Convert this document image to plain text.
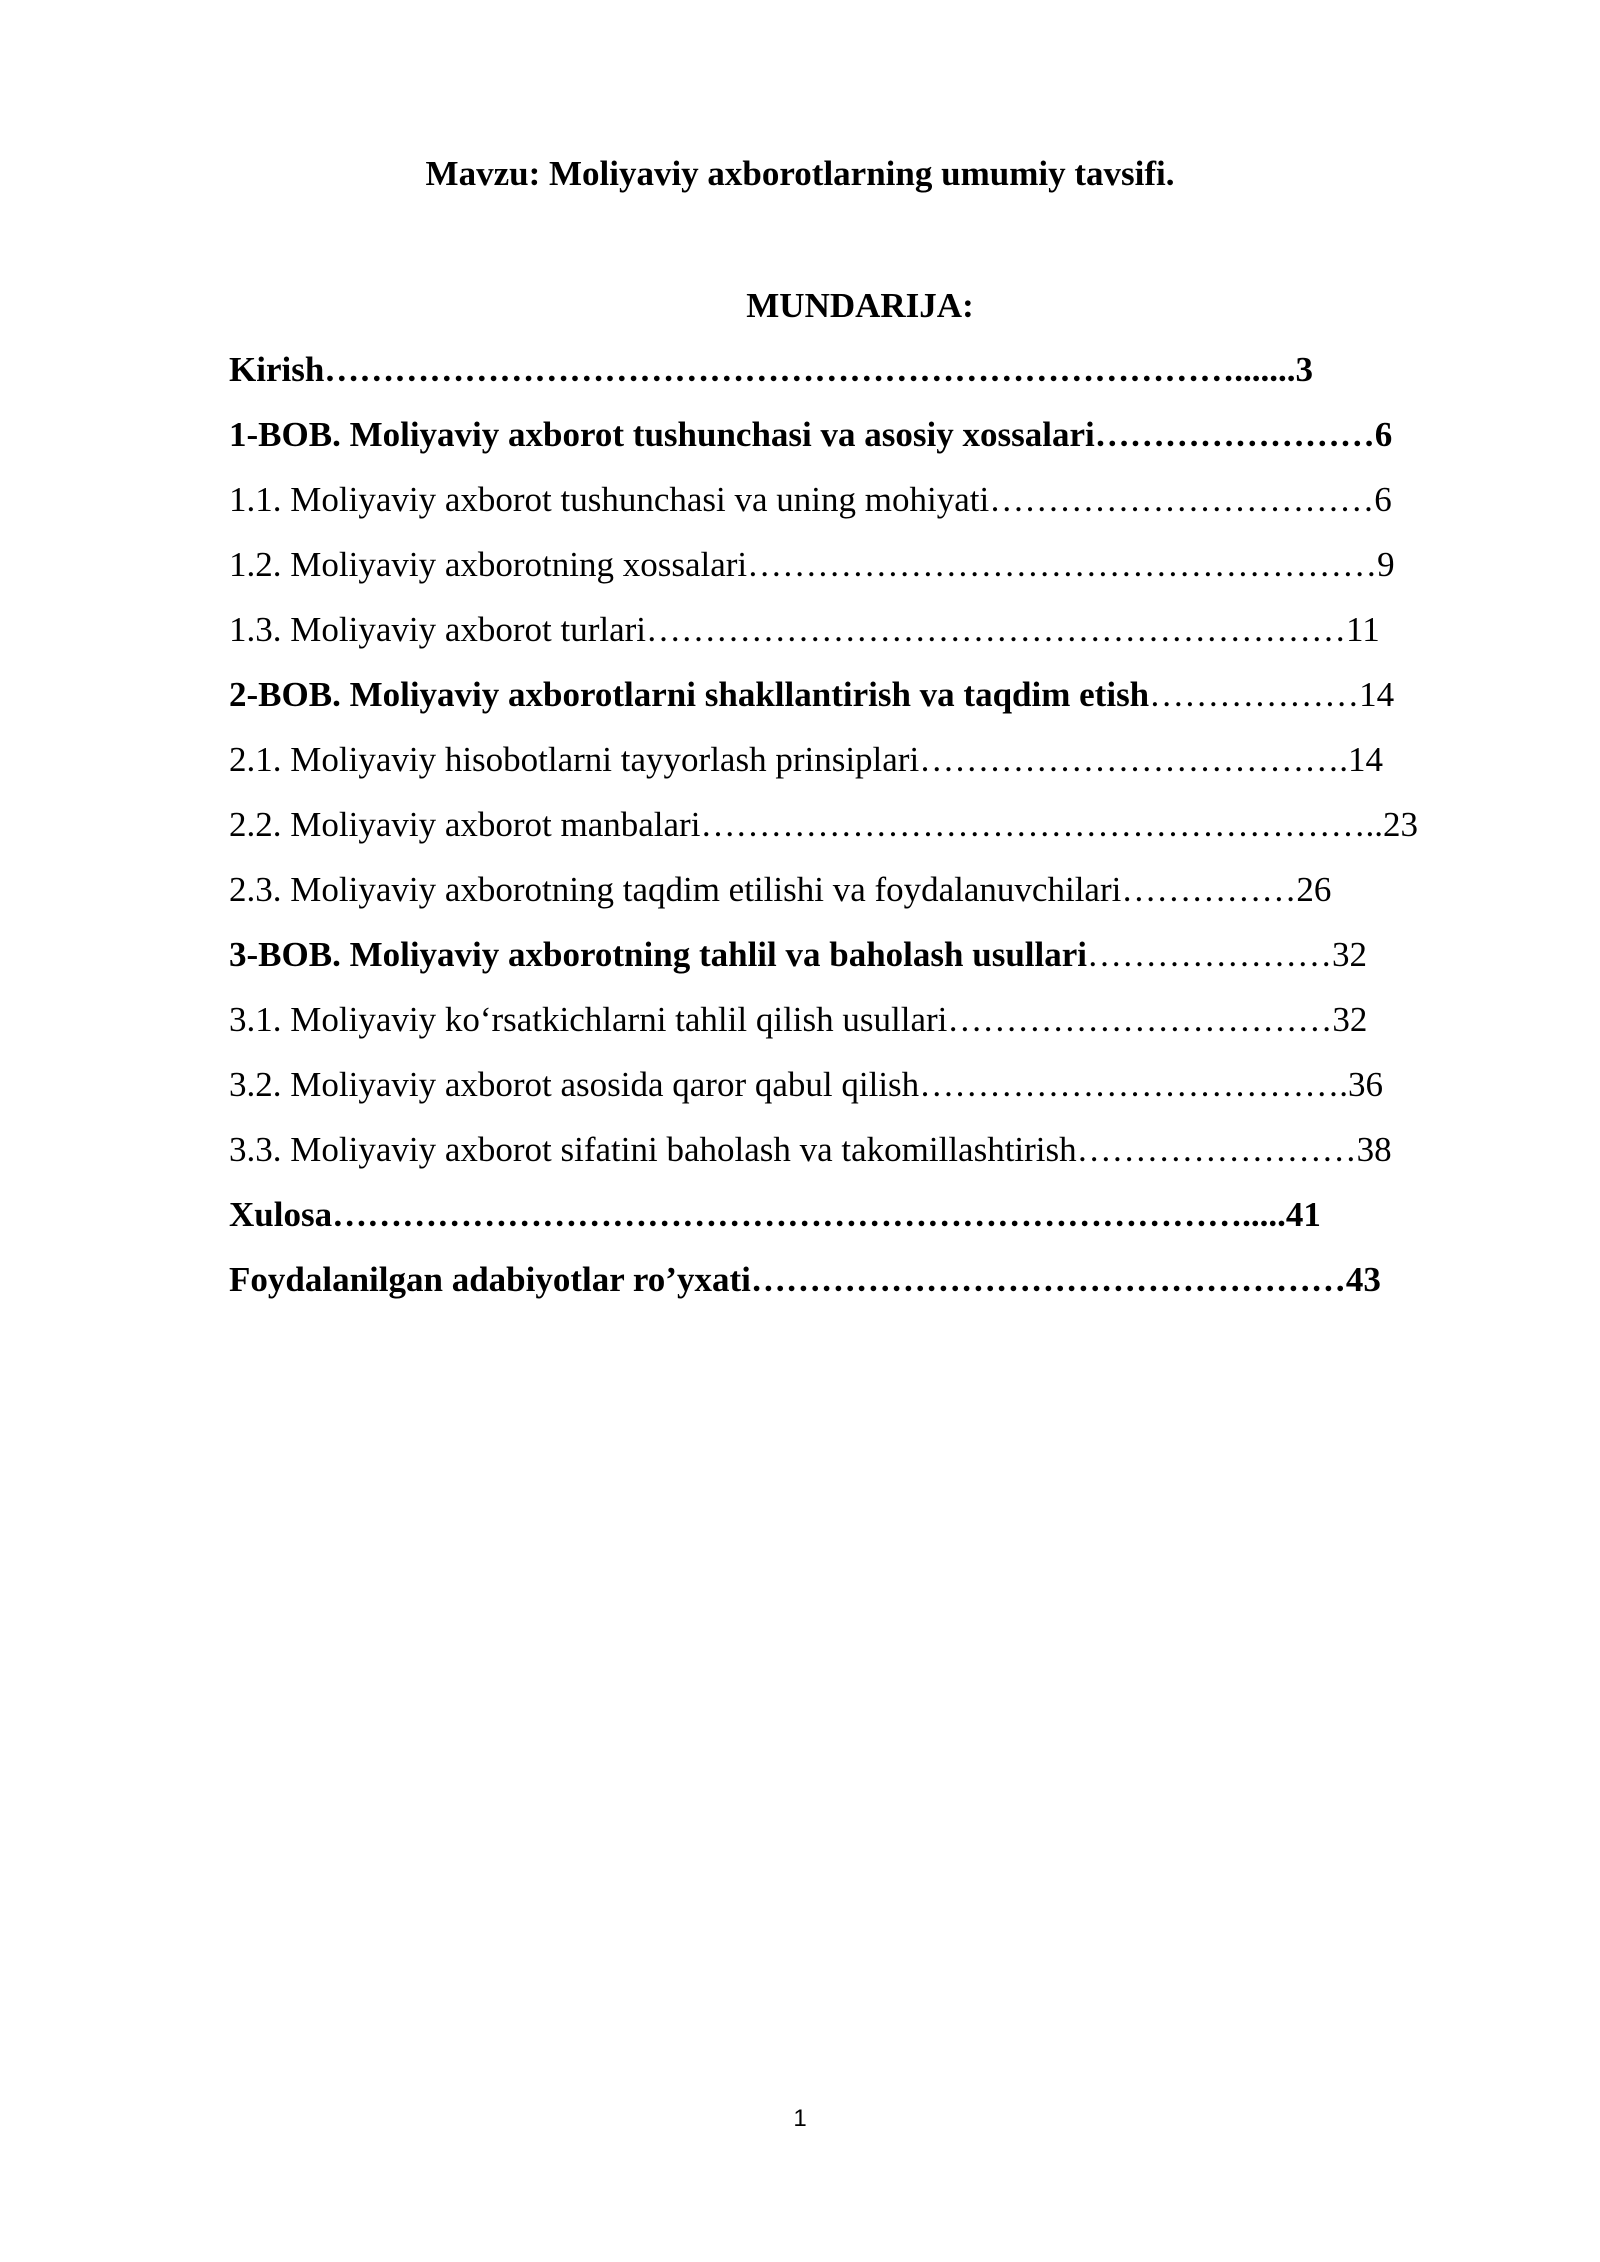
Mavzu: Moliyaviy axborotlarning umumiy tavsifi.
MUNDARIJA:
Kirish…………………………………………………………………….......3
1-BOB. Moliyaviy axborot tushunchasi va asosiy xossalari……………………6
1.1. Moliyaviy axborot tushunchasi va uning mohiyati……………………………6
1.2. Moliyaviy axborotning xossalari………………………………………………9
1.3. Moliyaviy axborot turlari……………………………………………………11
2-BOB. Moliyaviy axborotlarni shakllantirish va taqdim etish………………14
2.1. Moliyaviy hisobotlarni tayyorlash prinsiplari……………………………….14
2.2. Moliyaviy axborot manbalari…………………………………………………..23
2.3. Moliyaviy axborotning taqdim etilishi va foydalanuvchilari……………26
3-BOB. Moliyaviy axborotning tahlil va baholash usullari…………………32
3.1. Moliyaviy ko‘rsatkichlarni tahlil qilish usullari……………………………32
3.2. Moliyaviy axborot asosida qaror qabul qilish……………………………….36
3.3. Moliyaviy axborot sifatini baholash va takomillashtirish……………………38
Xulosa…………………………………………………………………….....41
Foydalanilgan adabiyotlar ro’yxati……………………………………………43
1
